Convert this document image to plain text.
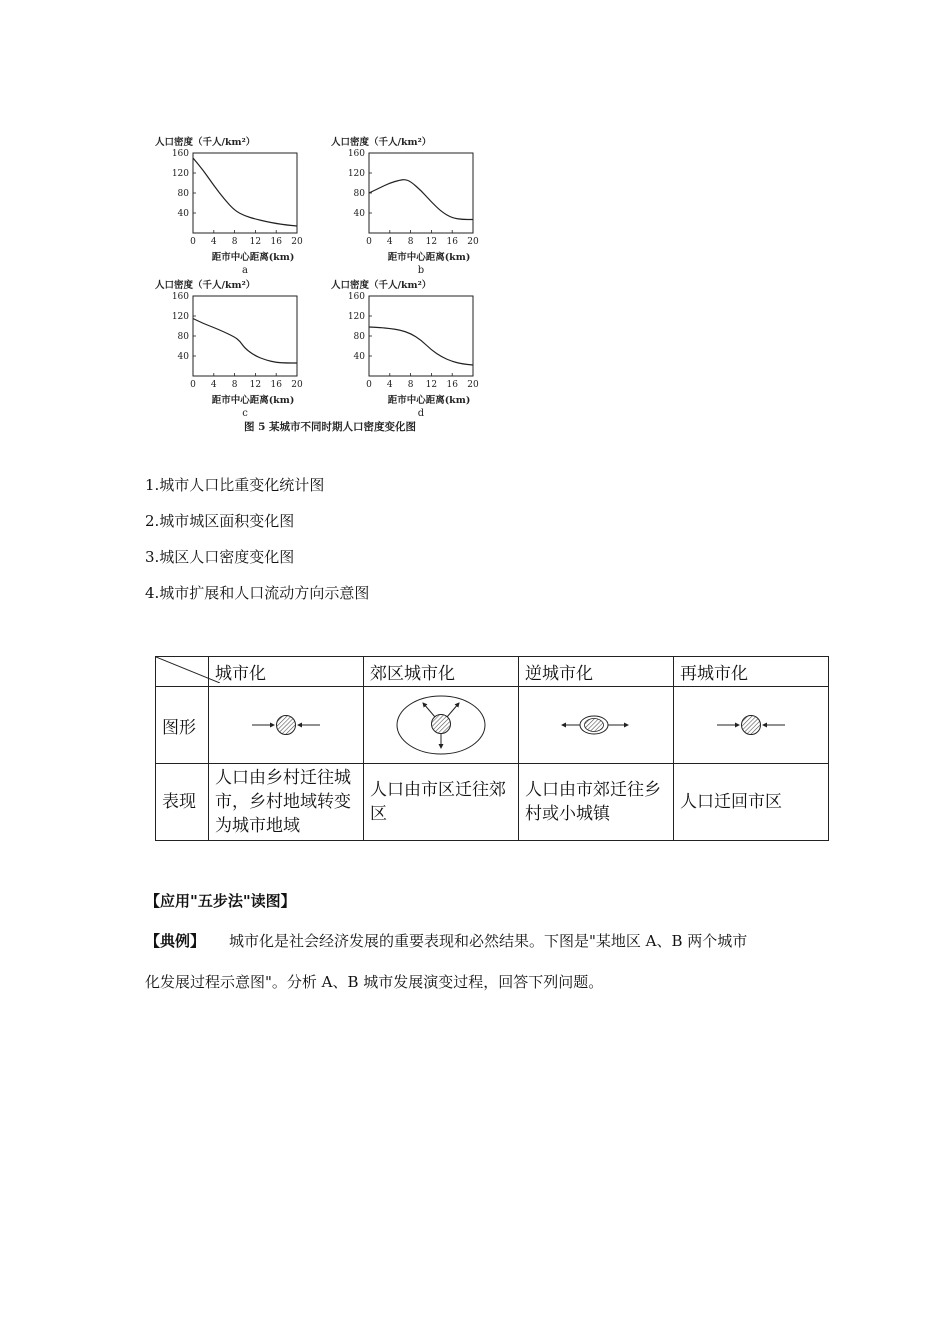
人口密度（千人/km²）
160
120
80
40
0 4 8 12 16 20
距市中心距离(km)
a
人口密度（千人/km²）
160
120
80
40
0 4 8 12 16 20
距市中心距离(km)
b
人口密度（千人/km²）
160
120
80
40
0 4 8 12 16 20
距市中心距离(km)
c
人口密度（千人/km²）
160
120
80
40
0 4 8 12 16 20
距市中心距离(km)
d
图 5 某城市不同时期人口密度变化图
1.城市人口比重变化统计图
2.城市城区面积变化图
3.城区人口密度变化图
4.城市扩展和人口流动方向示意图
	城市化	郊区城市化	逆城市化	再城市化
图形	

表现	人口由乡村迁往城市，乡村地域转变为城市地域	人口由市区迁往郊区	人口由市郊迁往乡村或小城镇	人口迁回市区
【应用"五步法"读图】
【典例】 城市化是社会经济发展的重要表现和必然结果。下图是"某地区 A、B 两个城市
化发展过程示意图"。分析 A、B 城市发展演变过程，回答下列问题。
